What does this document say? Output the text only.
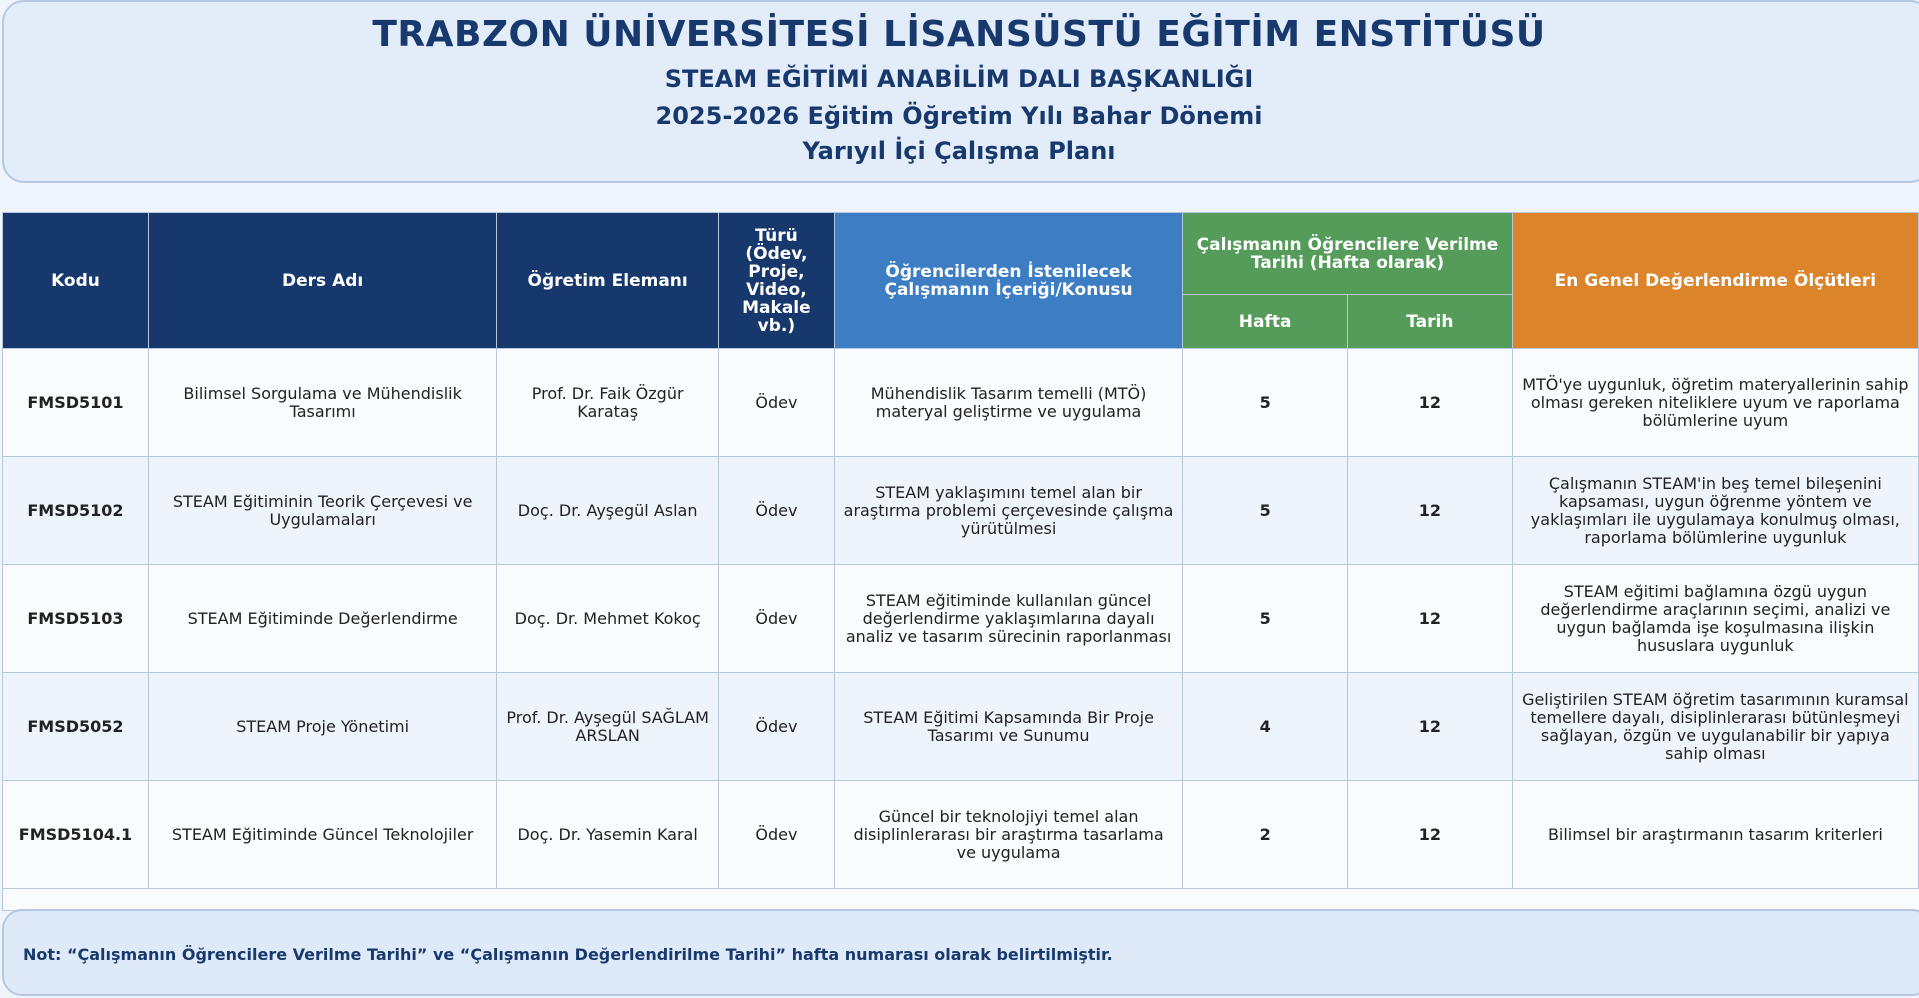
TRABZON ÜNİVERSİTESİ LİSANSÜSTÜ EĞİTİM ENSTİTÜSÜ
STEAM EĞİTİMİ ANABİLİM DALI BAŞKANLIĞI
2025-2026 Eğitim Öğretim Yılı Bahar Dönemi
Yarıyıl İçi Çalışma Planı
Kodu	Ders Adı	Öğretim Elemanı	Türü (Ödev, Proje, Video, Makale vb.)	Öğrencilerden İstenilecek Çalışmanın İçeriği/Konusu	Çalışmanın Öğrencilere Verilme Tarihi (Hafta olarak)		En Genel Değerlendirme Ölçütleri
					Hafta	Tarih	
FMSD5101	Bilimsel Sorgulama ve Mühendislik Tasarımı	Prof. Dr. Faik Özgür Karataş	Ödev	Mühendislik Tasarım temelli (MTÖ) materyal geliştirme ve uygulama	5	12	MTÖ'ye uygunluk, öğretim materyallerinin sahip olması gereken niteliklere uyum ve raporlama bölümlerine uyum
FMSD5102	STEAM Eğitiminin Teorik Çerçevesi ve Uygulamaları	Doç. Dr. Ayşegül Aslan	Ödev	STEAM yaklaşımını temel alan bir araştırma problemi çerçevesinde çalışma yürütülmesi	5	12	Çalışmanın STEAM'in beş temel bileşenini kapsaması, uygun öğrenme yöntem ve yaklaşımları ile uygulamaya konulmuş olması, raporlama bölümlerine uygunluk
FMSD5103	STEAM Eğitiminde Değerlendirme	Doç. Dr. Mehmet Kokoç	Ödev	STEAM eğitiminde kullanılan güncel değerlendirme yaklaşımlarına dayalı analiz ve tasarım sürecinin raporlanması	5	12	STEAM eğitimi bağlamına özgü uygun değerlendirme araçlarının seçimi, analizi ve uygun bağlamda işe koşulmasına ilişkin hususlara uygunluk
FMSD5052	STEAM Proje Yönetimi	Prof. Dr. Ayşegül SAĞLAM ARSLAN	Ödev	STEAM Eğitimi Kapsamında Bir Proje Tasarımı ve Sunumu	4	12	Geliştirilen STEAM öğretim tasarımının kuramsal temellere dayalı, disiplinlerarası bütünleşmeyi sağlayan, özgün ve uygulanabilir bir yapıya sahip olması
FMSD5104.1	STEAM Eğitiminde Güncel Teknolojiler	Doç. Dr. Yasemin Karal	Ödev	Güncel bir teknolojiyi temel alan disiplinlerarası bir araştırma tasarlama ve uygulama	2	12	Bilimsel bir araştırmanın tasarım kriterleri
Not: “Çalışmanın Öğrencilere Verilme Tarihi” ve “Çalışmanın Değerlendirilme Tarihi” hafta numarası olarak belirtilmiştir.
